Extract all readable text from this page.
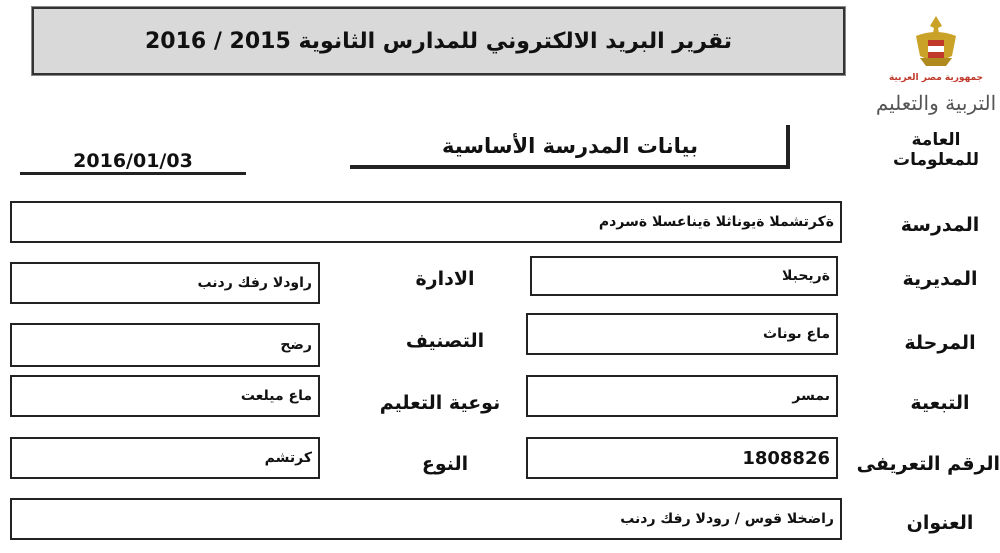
تقرير البريد الالكتروني للمدارس الثانوية 2015 / 2016
جمهورية مصر العربية
التربية والتعليم
العامة للمعلومات
بيانات المدرسة الأساسية
2016/01/03
المدرسة
ةكرتشملا ةيوناثلا ةيناعسلا ةسردم
المديرية
ةريحبلا
الادارة
راودلا رفك ردنب
المرحلة
ماع ىوناث
التصنيف
رضح
التبعية
ىمسر
نوعية التعليم
ماع ميلعت
الرقم التعريفى
1808826
النوع
كرتشم
العنوان
راضخلا قوس / رودلا رفك ردنب
